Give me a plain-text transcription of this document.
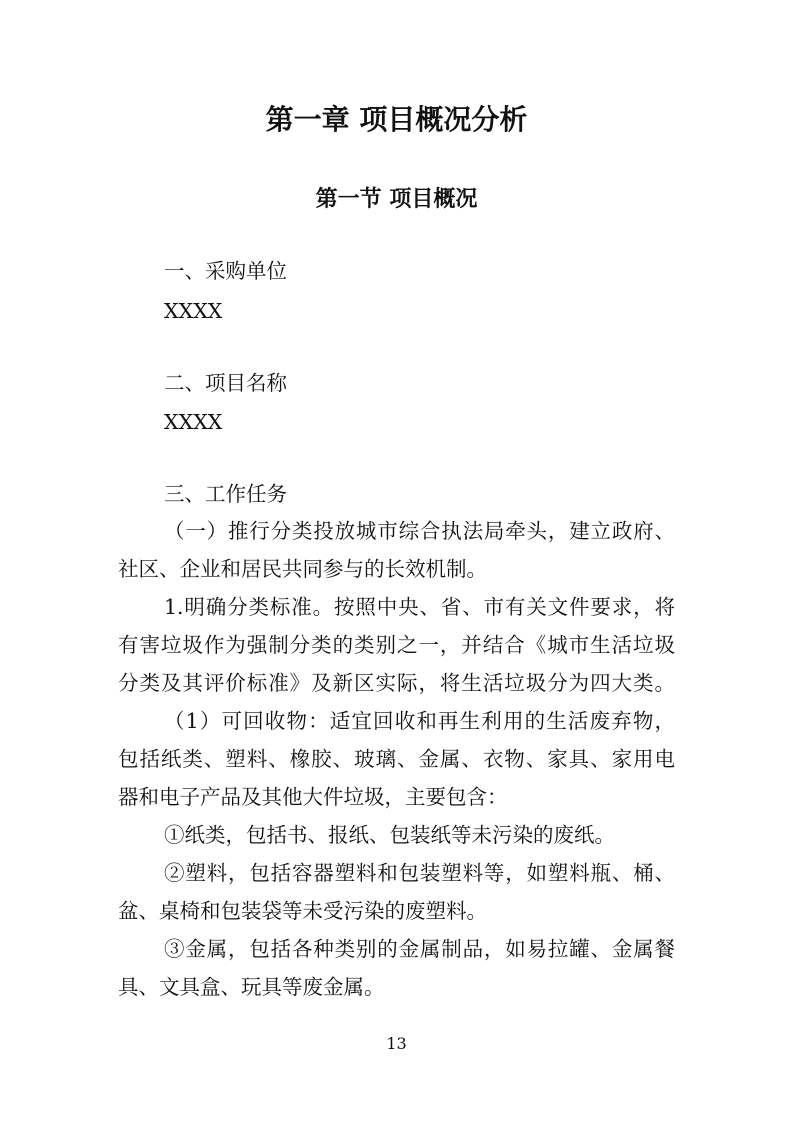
第一章 项目概况分析
第一节 项目概况
一、采购单位
XXXX
二、项目名称
XXXX
三、工作任务
（一）推行分类投放城市综合执法局牵头，建立政府、
社区、企业和居民共同参与的长效机制。
1.明确分类标准。按照中央、省、市有关文件要求，将
有害垃圾作为强制分类的类别之一，并结合《城市生活垃圾
分类及其评价标准》及新区实际，将生活垃圾分为四大类。
（1）可回收物：适宜回收和再生利用的生活废弃物，
包括纸类、塑料、橡胶、玻璃、金属、衣物、家具、家用电
器和电子产品及其他大件垃圾，主要包含：
①纸类，包括书、报纸、包装纸等未污染的废纸。
②塑料，包括容器塑料和包装塑料等，如塑料瓶、桶、
盆、桌椅和包装袋等未受污染的废塑料。
③金属，包括各种类别的金属制品，如易拉罐、金属餐
具、文具盒、玩具等废金属。
13
